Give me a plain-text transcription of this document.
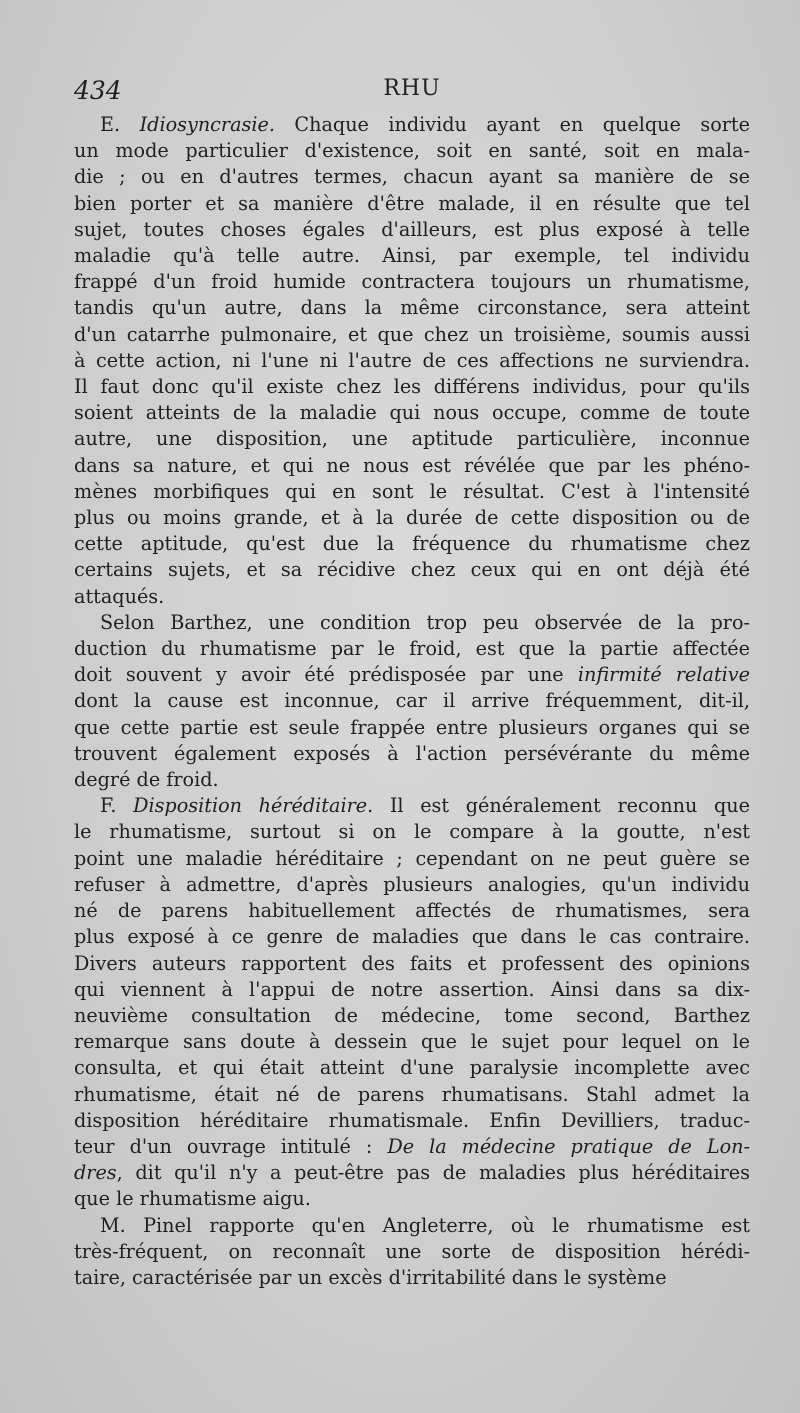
434	RHU
E. Idiosyncrasie. Chaque individu ayant en quelque sorte
un mode particulier d'existence, soit en santé, soit en mala-
die ; ou en d'autres termes, chacun ayant sa manière de se
bien porter et sa manière d'être malade, il en résulte que tel
sujet, toutes choses égales d'ailleurs, est plus exposé à telle
maladie qu'à telle autre. Ainsi, par exemple, tel individu
frappé d'un froid humide contractera toujours un rhumatisme,
tandis qu'un autre, dans la même circonstance, sera atteint
d'un catarrhe pulmonaire, et que chez un troisième, soumis aussi
à cette action, ni l'une ni l'autre de ces affections ne surviendra.
Il faut donc qu'il existe chez les différens individus, pour qu'ils
soient atteints de la maladie qui nous occupe, comme de toute
autre, une disposition, une aptitude particulière, inconnue
dans sa nature, et qui ne nous est révélée que par les phéno-
mènes morbifiques qui en sont le résultat. C'est à l'intensité
plus ou moins grande, et à la durée de cette disposition ou de
cette aptitude, qu'est due la fréquence du rhumatisme chez
certains sujets, et sa récidive chez ceux qui en ont déjà été
attaqués.
Selon Barthez, une condition trop peu observée de la pro-
duction du rhumatisme par le froid, est que la partie affectée
doit souvent y avoir été prédisposée par une infirmité relative
dont la cause est inconnue, car il arrive fréquemment, dit-il,
que cette partie est seule frappée entre plusieurs organes qui se
trouvent également exposés à l'action persévérante du même
degré de froid.
F. Disposition héréditaire. Il est généralement reconnu que
le rhumatisme, surtout si on le compare à la goutte, n'est
point une maladie héréditaire ; cependant on ne peut guère se
refuser à admettre, d'après plusieurs analogies, qu'un individu
né de parens habituellement affectés de rhumatismes, sera
plus exposé à ce genre de maladies que dans le cas contraire.
Divers auteurs rapportent des faits et professent des opinions
qui viennent à l'appui de notre assertion. Ainsi dans sa dix-
neuvième consultation de médecine, tome second, Barthez
remarque sans doute à dessein que le sujet pour lequel on le
consulta, et qui était atteint d'une paralysie incomplette avec
rhumatisme, était né de parens rhumatisans. Stahl admet la
disposition héréditaire rhumatismale. Enfin Devilliers, traduc-
teur d'un ouvrage intitulé : De la médecine pratique de Lon-
dres, dit qu'il n'y a peut-être pas de maladies plus héréditaires
que le rhumatisme aigu.
M. Pinel rapporte qu'en Angleterre, où le rhumatisme est
très-fréquent, on reconnaît une sorte de disposition hérédi-
taire, caractérisée par un excès d'irritabilité dans le système
